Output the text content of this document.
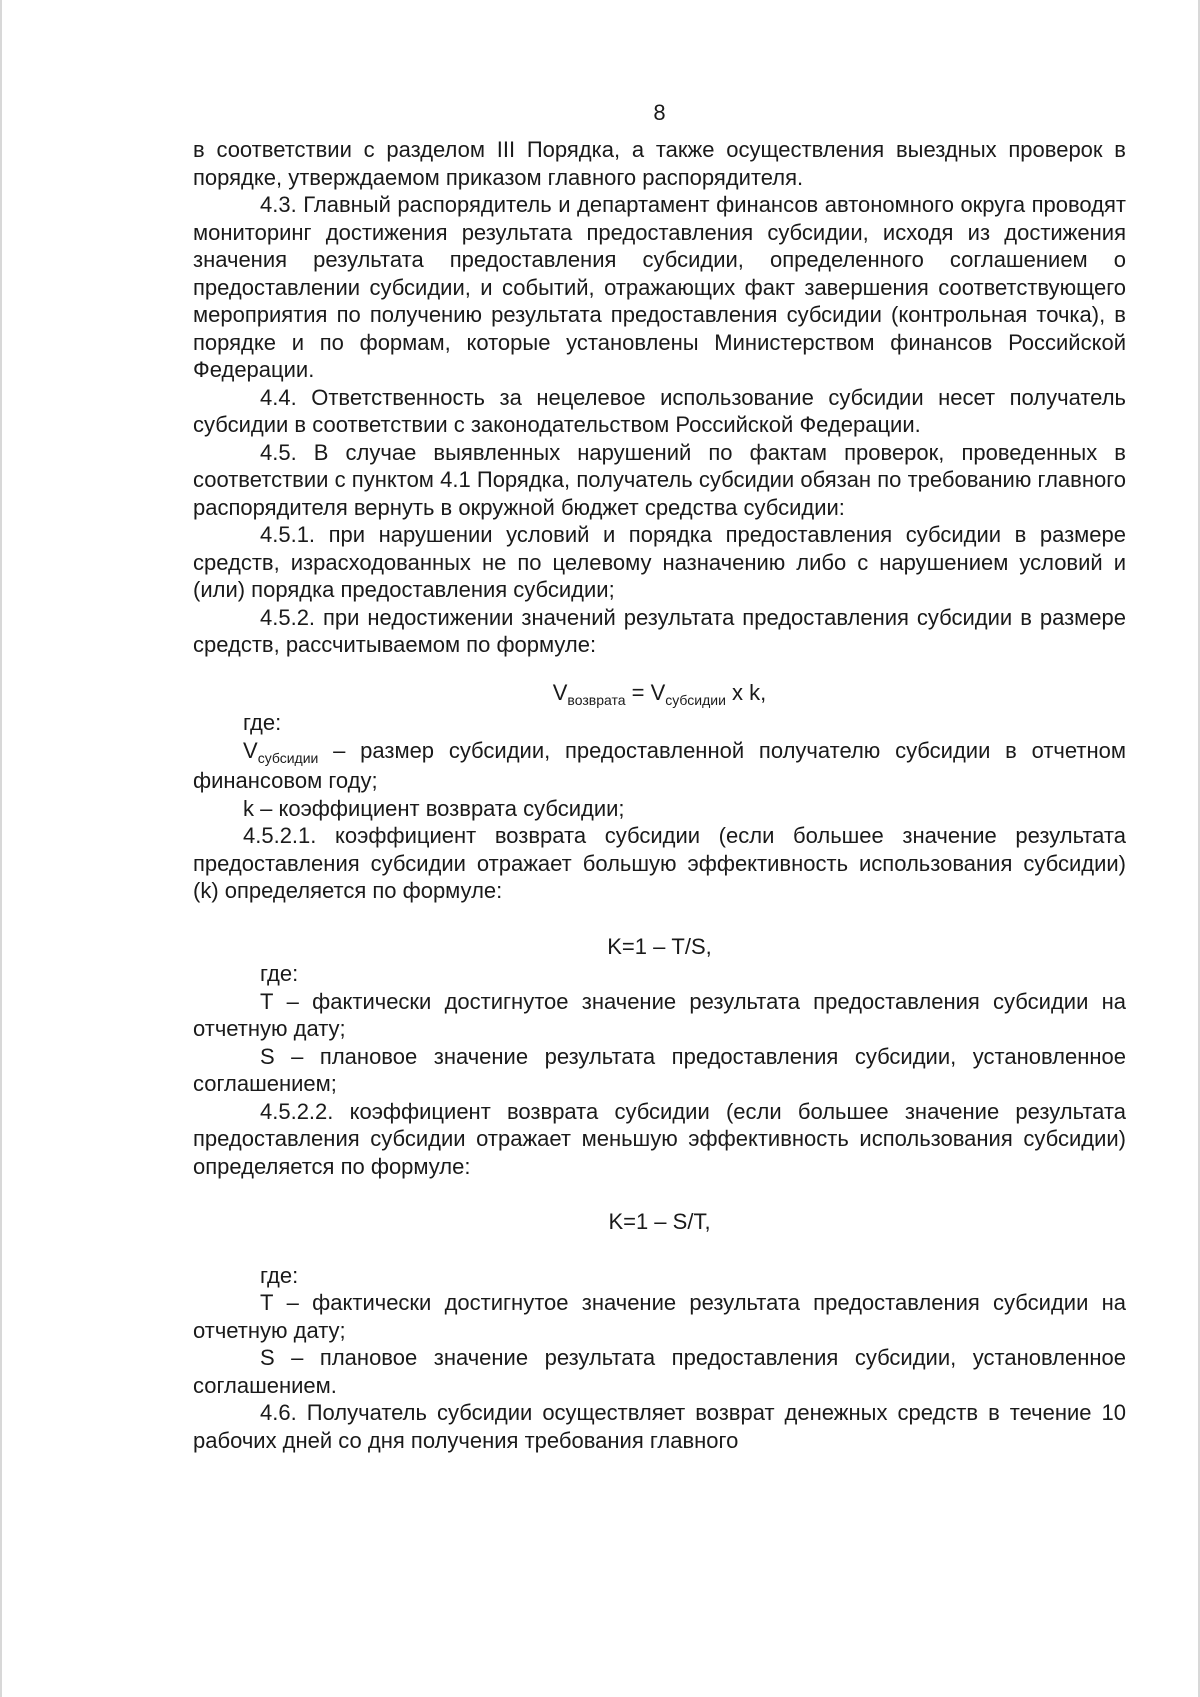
8

в соответствии с разделом III Порядка, а также осуществления выездных проверок в порядке, утверждаемом приказом главного распорядителя.

4.3. Главный распорядитель и департамент финансов автономного округа проводят мониторинг достижения результата предоставления субсидии, исходя из достижения значения результата предоставления субсидии, определенного соглашением о предоставлении субсидии, и событий, отражающих факт завершения соответствующего мероприятия по получению результата предоставления субсидии (контрольная точка), в порядке и по формам, которые установлены Министерством финансов Российской Федерации.

4.4. Ответственность за нецелевое использование субсидии несет получатель субсидии в соответствии с законодательством Российской Федерации.

4.5. В случае выявленных нарушений по фактам проверок, проведенных в соответствии с пунктом 4.1 Порядка, получатель субсидии обязан по требованию главного распорядителя вернуть в окружной бюджет средства субсидии:

4.5.1. при нарушении условий и порядка предоставления субсидии в размере средств, израсходованных не по целевому назначению либо с нарушением условий и (или) порядка предоставления субсидии;

4.5.2. при недостижении значений результата предоставления субсидии в размере средств, рассчитываемом по формуле:

$V_{возврата} = V_{субсидии}$ x k,

где:

$V_{субсидии}$ – размер субсидии, предоставленной получателю субсидии в отчетном финансовом году;

k – коэффициент возврата субсидии;

4.5.2.1. коэффициент возврата субсидии (если большее значение результата предоставления субсидии отражает большую эффективность использования субсидии) (k) определяется по формуле:

K=1 – Т/S,

где:

Т – фактически достигнутое значение результата предоставления субсидии на отчетную дату;

S – плановое значение результата предоставления субсидии, установленное соглашением;

4.5.2.2. коэффициент возврата субсидии (если большее значение результата предоставления субсидии отражает меньшую эффективность использования субсидии) определяется по формуле:

K=1 – S/Т,

где:

Т – фактически достигнутое значение результата предоставления субсидии на отчетную дату;

S – плановое значение результата предоставления субсидии, установленное соглашением.

4.6. Получатель субсидии осуществляет возврат денежных средств в течение 10 рабочих дней со дня получения требования главного
